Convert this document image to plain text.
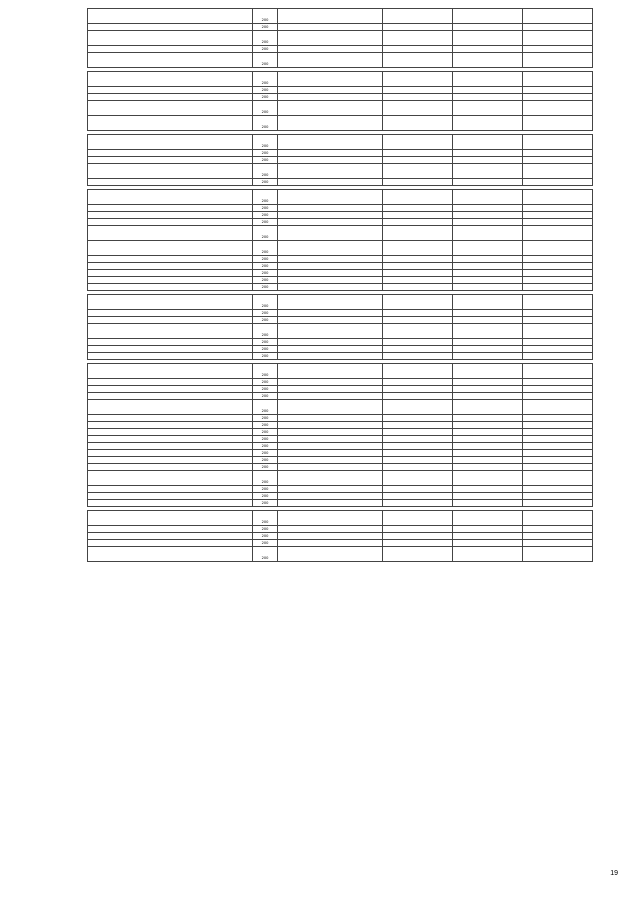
	200				
	200				
	200				
	200				
	200				

	200				
	200				
	200				
	200				
	200				

	200				
	200				
	200				
	200				
	200				

	200				
	200				
	200				
	200				
	200				
	200				
	200				
	200				
	200				
	200				
	200				

	200				
	200				
	200				
	200				
	200				
	200				
	200				

	200				
	200				
	200				
	200				
	200				
	200				
	200				
	200				
	200				
	200				
	200				
	200				
	200				
	200				
	200				
	200				
	200				

	200				
	200				
	200				
	200				
	200				
19
